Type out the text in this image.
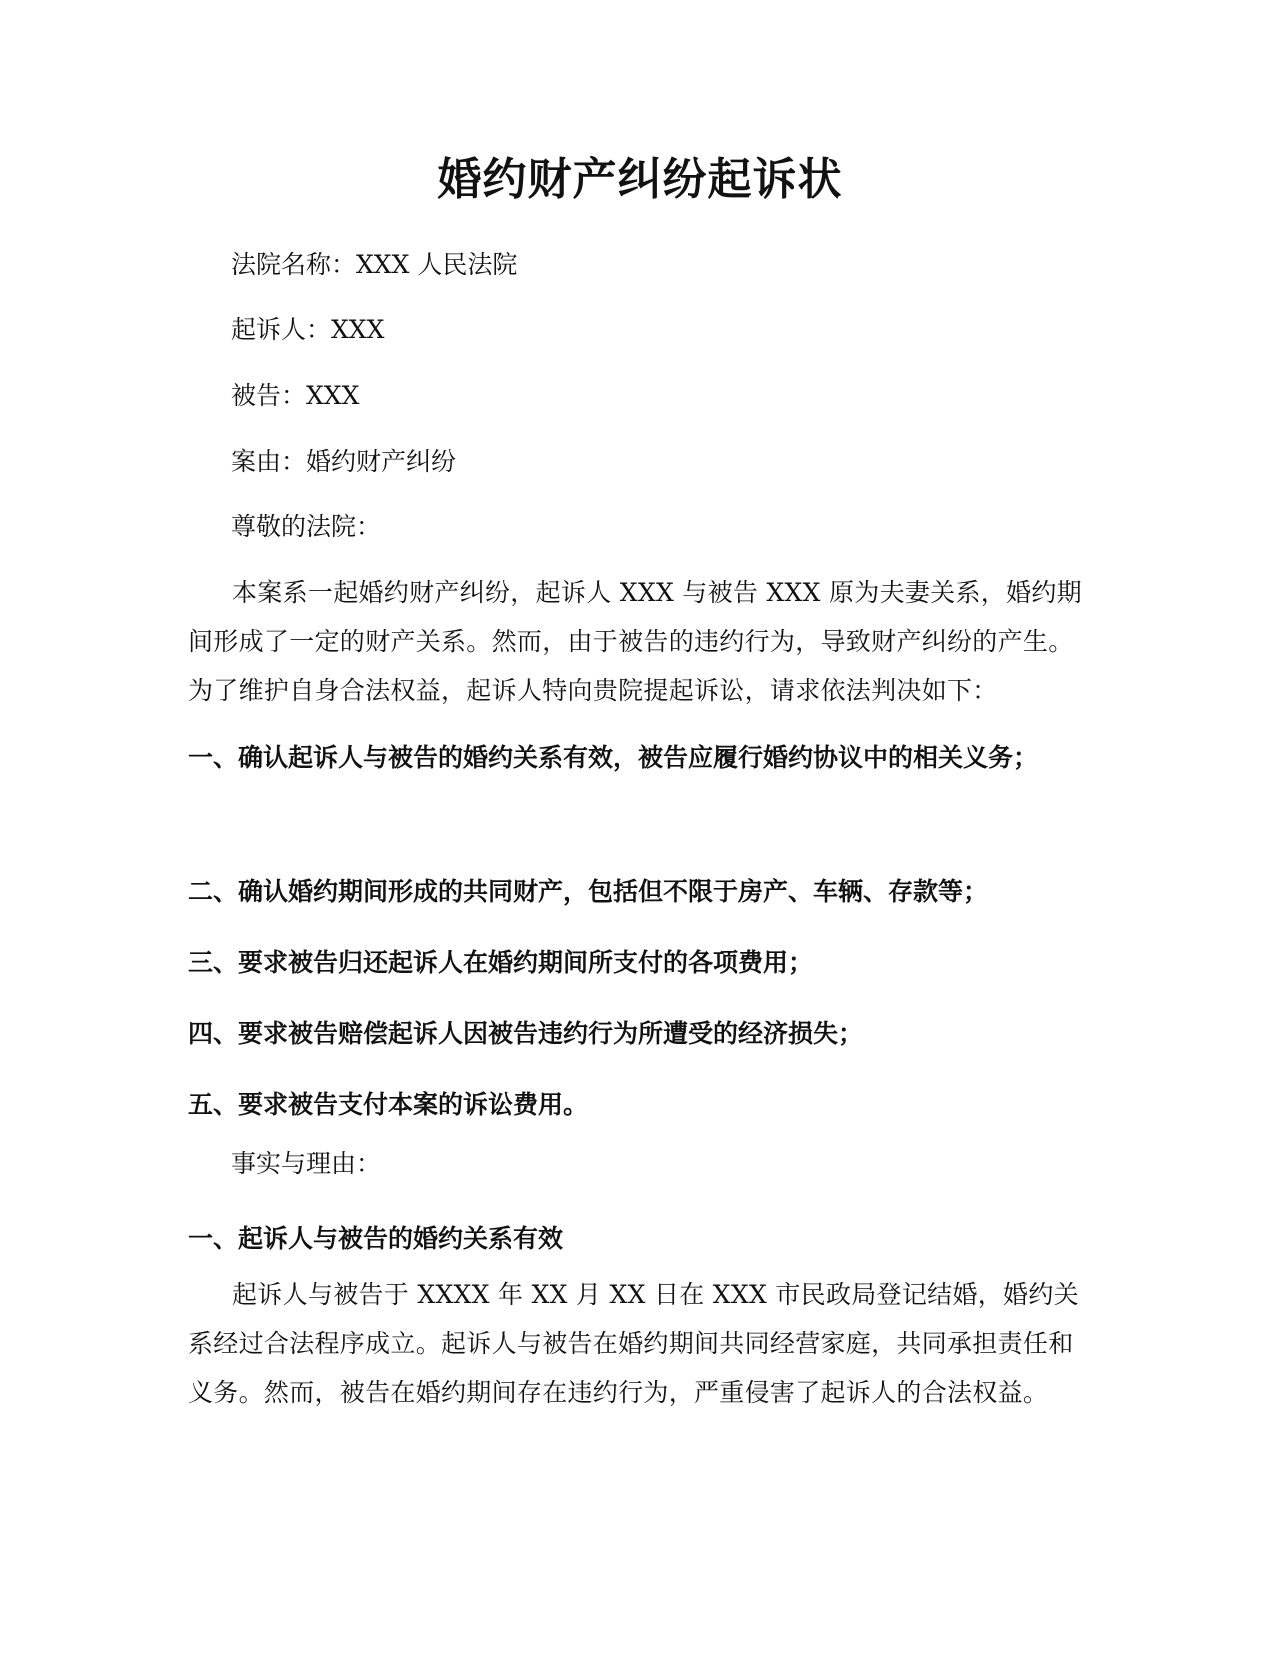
婚约财产纠纷起诉状

法院名称：XXX 人民法院

起诉人：XXX

被告：XXX

案由：婚约财产纠纷

尊敬的法院：

本案系一起婚约财产纠纷，起诉人 XXX 与被告 XXX 原为夫妻关系，婚约期间形成了一定的财产关系。然而，由于被告的违约行为，导致财产纠纷的产生。为了维护自身合法权益，起诉人特向贵院提起诉讼，请求依法判决如下：

一、确认起诉人与被告的婚约关系有效，被告应履行婚约协议中的相关义务；

二、确认婚约期间形成的共同财产，包括但不限于房产、车辆、存款等；

三、要求被告归还起诉人在婚约期间所支付的各项费用；

四、要求被告赔偿起诉人因被告违约行为所遭受的经济损失；

五、要求被告支付本案的诉讼费用。

事实与理由：

一、起诉人与被告的婚约关系有效

起诉人与被告于 XXXX 年 XX 月 XX 日在 XXX 市民政局登记结婚，婚约关系经过合法程序成立。起诉人与被告在婚约期间共同经营家庭，共同承担责任和义务。然而，被告在婚约期间存在违约行为，严重侵害了起诉人的合法权益。
